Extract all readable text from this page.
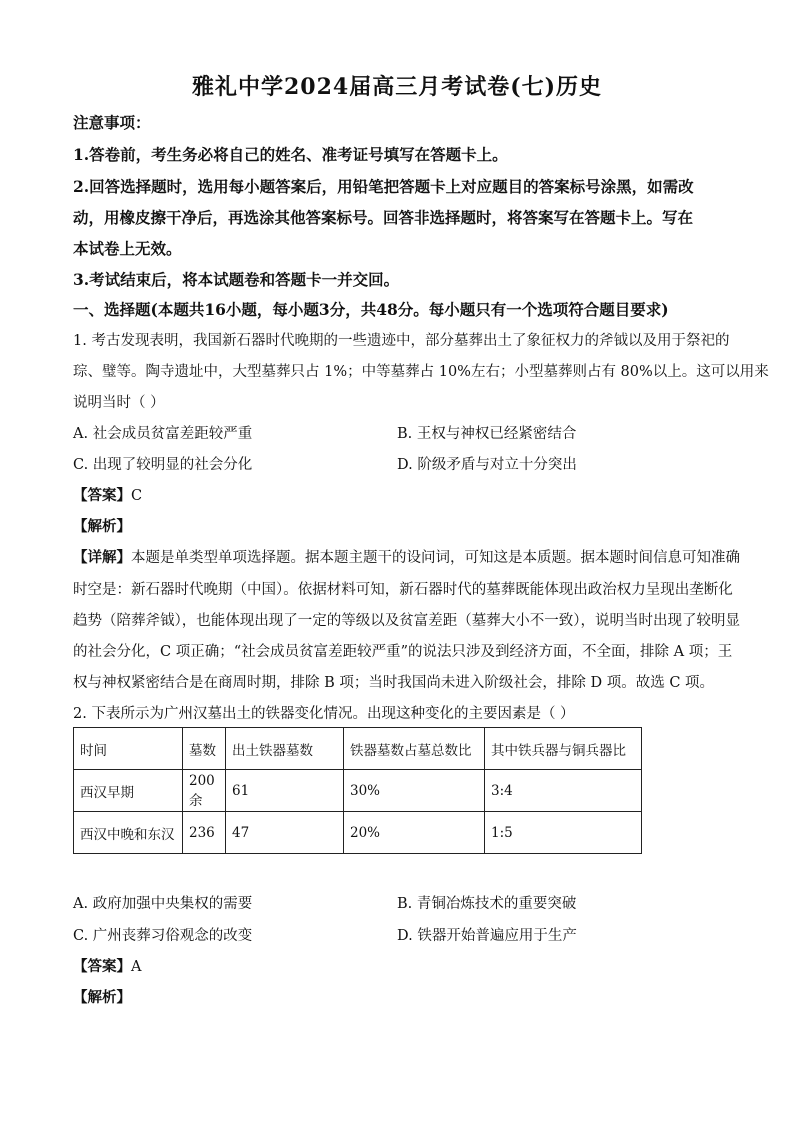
雅礼中学2024届高三月考试卷(七)历史
注意事项：
1.答卷前，考生务必将自己的姓名、准考证号填写在答题卡上。
2.回答选择题时，选用每小题答案后，用铅笔把答题卡上对应题目的答案标号涂黑，如需改
动，用橡皮擦干净后，再选涂其他答案标号。回答非选择题时，将答案写在答题卡上。写在
本试卷上无效。
3.考试结束后，将本试题卷和答题卡一并交回。
一、选择题(本题共16小题，每小题3分，共48分。每小题只有一个选项符合题目要求)
1. 考古发现表明，我国新石器时代晚期的一些遗迹中，部分墓葬出土了象征权力的斧钺以及用于祭祀的
琮、璧等。陶寺遗址中，大型墓葬只占 1%；中等墓葬占 10%左右；小型墓葬则占有 80%以上。这可以用来
说明当时（ ）
A. 社会成员贫富差距较严重	B. 王权与神权已经紧密结合
C. 出现了较明显的社会分化	D. 阶级矛盾与对立十分突出
【答案】C
【解析】
【详解】本题是单类型单项选择题。据本题主题干的设问词，可知这是本质题。据本题时间信息可知准确
时空是：新石器时代晚期（中国）。依据材料可知，新石器时代的墓葬既能体现出政治权力呈现出垄断化
趋势（陪葬斧钺），也能体现出现了一定的等级以及贫富差距（墓葬大小不一致），说明当时出现了较明显
的社会分化，C 项正确；“社会成员贫富差距较严重”的说法只涉及到经济方面，不全面，排除 A 项；王
权与神权紧密结合是在商周时期，排除 B 项；当时我国尚未进入阶级社会，排除 D 项。故选 C 项。
2. 下表所示为广州汉墓出土的铁器变化情况。出现这种变化的主要因素是（ ）
时间	墓数	出土铁器墓数	铁器墓数占墓总数比	其中铁兵器与铜兵器比
西汉早期	200余	61	30%	3:4
西汉中晚和东汉	236	47	20%	1:5
A. 政府加强中央集权的需要	B. 青铜冶炼技术的重要突破
C. 广州丧葬习俗观念的改变	D. 铁器开始普遍应用于生产
【答案】A
【解析】
